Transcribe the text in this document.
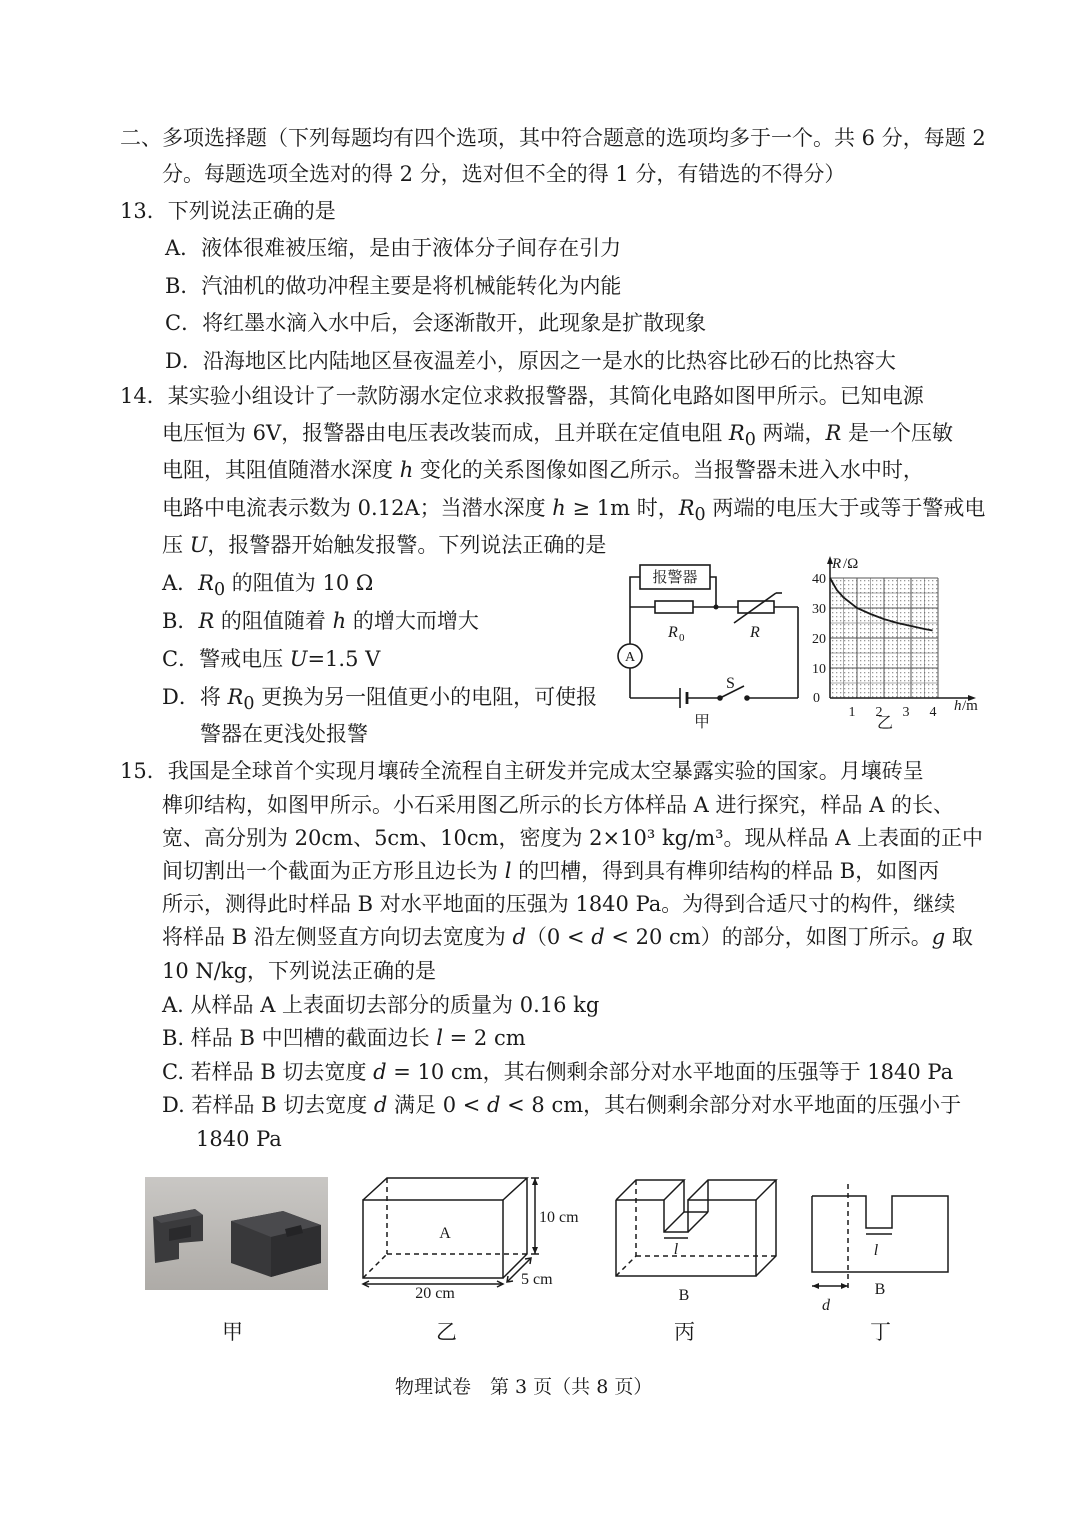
二、多项选择题（下列每题均有四个选项，其中符合题意的选项均多于一个。共 6 分，每题 2
分。每题选项全选对的得 2 分，选对但不全的得 1 分，有错选的不得分）
13．下列说法正确的是
A．液体很难被压缩，是由于液体分子间存在引力
B．汽油机的做功冲程主要是将机械能转化为内能
C．将红墨水滴入水中后，会逐渐散开，此现象是扩散现象
D．沿海地区比内陆地区昼夜温差小，原因之一是水的比热容比砂石的比热容大
14．某实验小组设计了一款防溺水定位求救报警器，其简化电路如图甲所示。已知电源
电压恒为 6V，报警器由电压表改装而成，且并联在定值电阻 $R_0$ 两端，R 是一个压敏
电阻，其阻值随潜水深度 h 变化的关系图像如图乙所示。当报警器未进入水中时，
电路中电流表示数为 0.12A；当潜水深度 h ≥ 1m 时，$R_0$ 两端的电压大于或等于警戒电
压 U，报警器开始触发报警。下列说法正确的是
A．$R_0$ 的阻值为 10 Ω
B．R 的阻值随着 h 的增大而增大
C．警戒电压 U=1.5 V
D．将 $R_0$ 更换为另一阻值更小的电阻，可使报
警器在更浅处报警
报警器
R 0	R
A
S
甲
40
30
20
10
0
1 2 3 4
R /Ω
h /m
乙
15．我国是全球首个实现月壤砖全流程自主研发并完成太空暴露实验的国家。月壤砖呈
榫卯结构，如图甲所示。小石采用图乙所示的长方体样品 A 进行探究，样品 A 的长、
宽、高分别为 20cm、5cm、10cm，密度为 2×10³ kg/m³。现从样品 A 上表面的正中
间切割出一个截面为正方形且边长为 l 的凹槽，得到具有榫卯结构的样品 B，如图丙
所示，测得此时样品 B 对水平地面的压强为 1840 Pa。为得到合适尺寸的构件，继续
将样品 B 沿左侧竖直方向切去宽度为 d（0 < d < 20 cm）的部分，如图丁所示。g 取
10 N/kg，下列说法正确的是
A. 从样品 A 上表面切去部分的质量为 0.16 kg
B. 样品 B 中凹槽的截面边长 l = 2 cm
C. 若样品 B 切去宽度 d = 10 cm，其右侧剩余部分对水平地面的压强等于 1840 Pa
D. 若样品 B 切去宽度 d 满足 0 < d < 8 cm，其右侧剩余部分对水平地面的压强小于
1840 Pa
A
10 cm
5 cm
20 cm
l
B
l
B
d
甲	乙	丙	丁
物理试卷　第 3 页（共 8 页）
